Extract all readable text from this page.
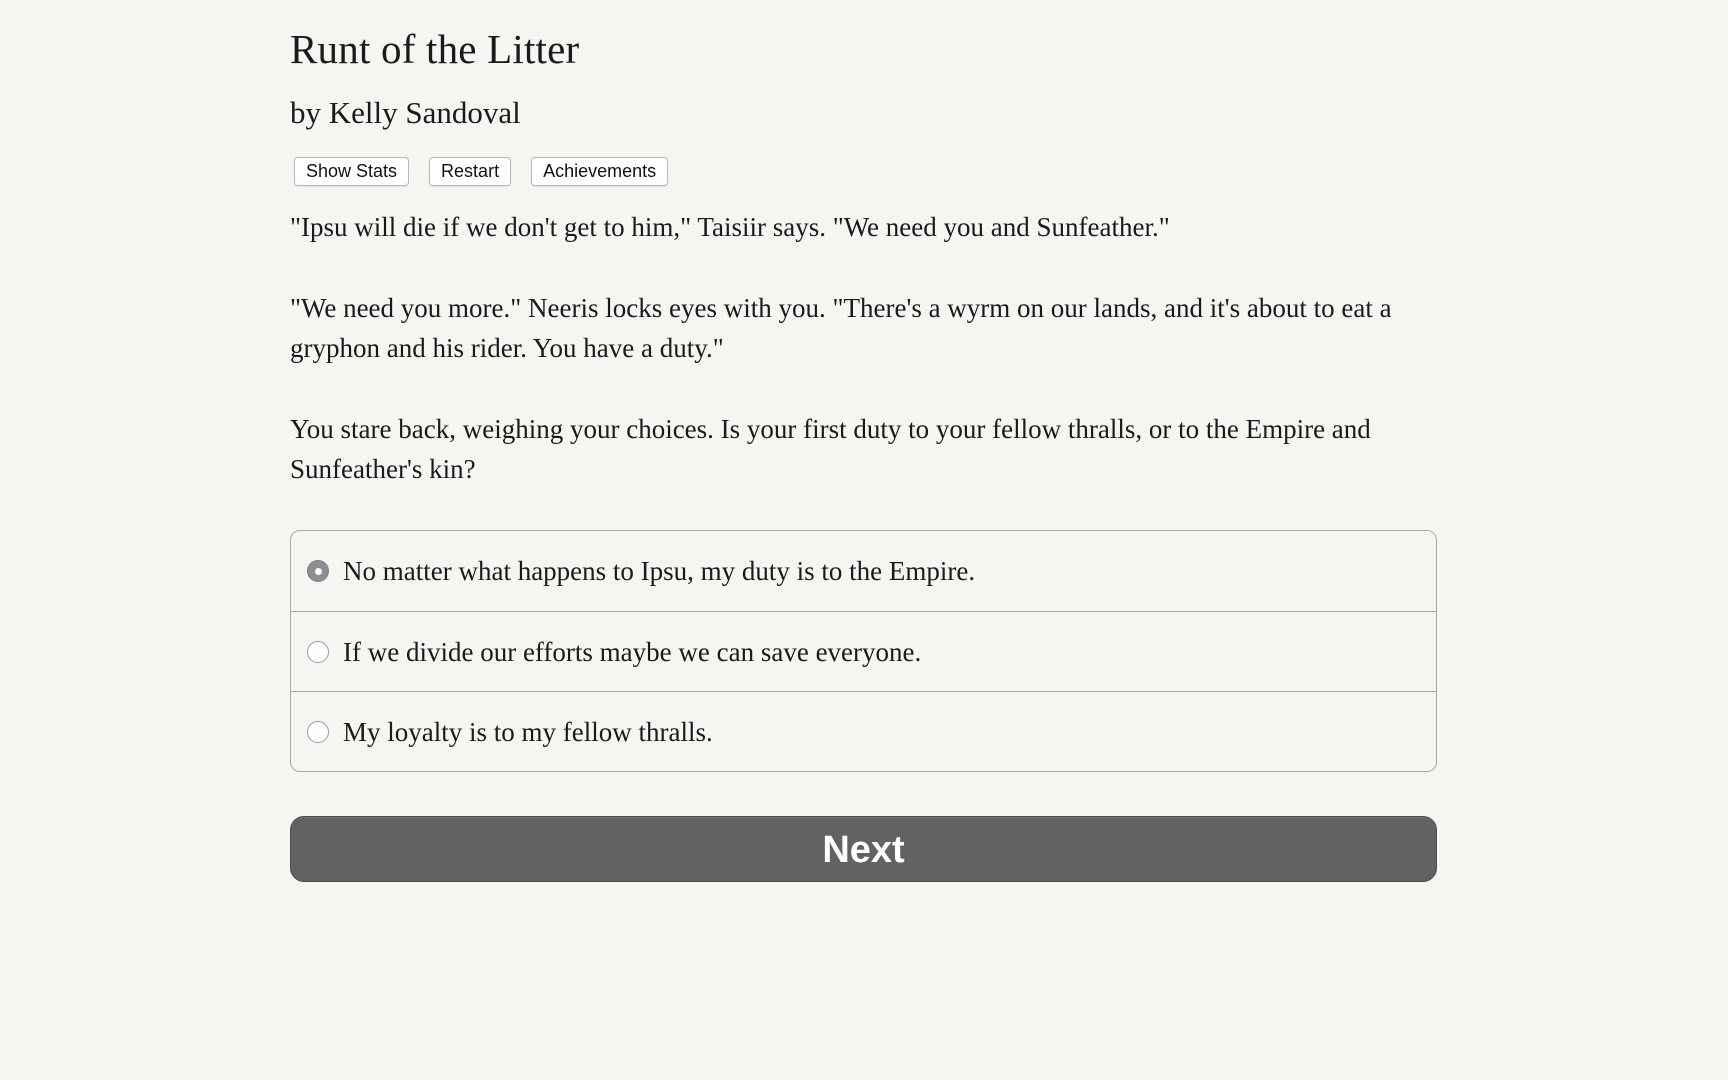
Runt of the Litter
by Kelly Sandoval
Show Stats	Restart	Achievements

"Ipsu will die if we don't get to him," Taisiir says. "We need you and Sunfeather."

"We need you more." Neeris locks eyes with you. "There's a wyrm on our lands, and it's about to eat a gryphon and his rider. You have a duty."

You stare back, weighing your choices. Is your first duty to your fellow thralls, or to the Empire and Sunfeather's kin?

No matter what happens to Ipsu, my duty is to the Empire.
If we divide our efforts maybe we can save everyone.
My loyalty is to my fellow thralls.
Next
